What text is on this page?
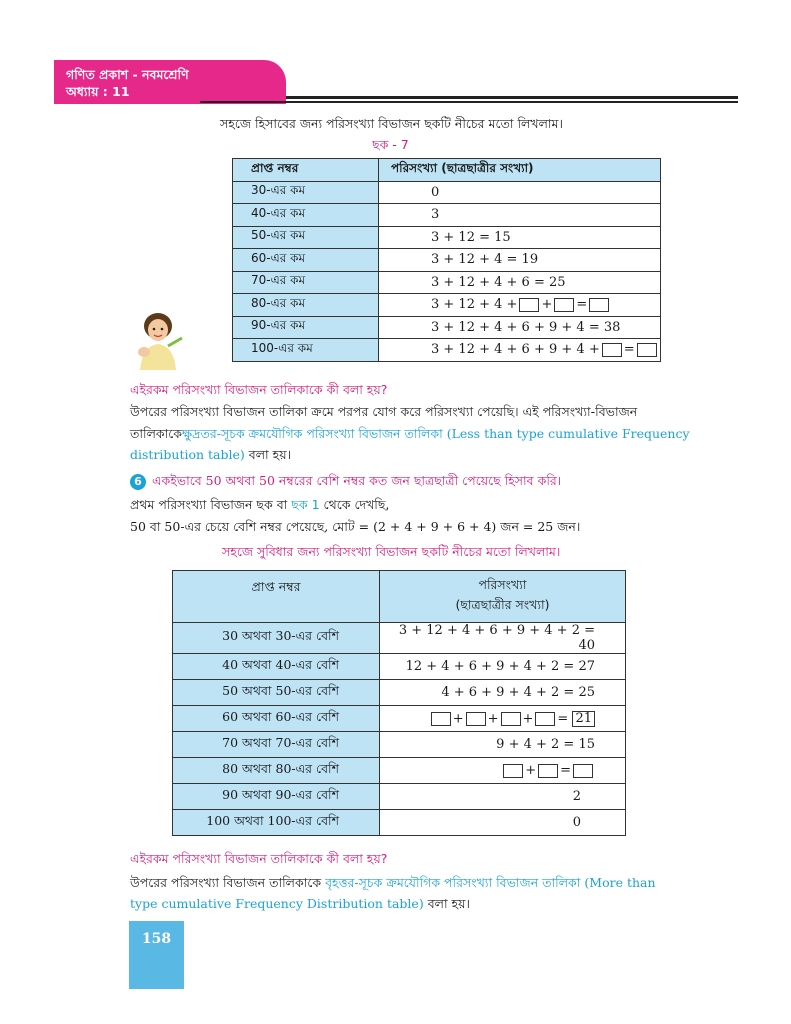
গণিত প্রকাশ - নবমশ্রেণি
অধ্যায় : 11
সহজে হিসাবের জন্য পরিসংখ্যা বিভাজন ছকটি নীচের মতো লিখলাম।
ছক - 7
প্রাপ্ত নম্বর	পরিসংখ্যা (ছাত্রছাত্রীর সংখ্যা)
30-এর কম	0
40-এর কম	3
50-এর কম	3 + 12 = 15
60-এর কম	3 + 12 + 4 = 19
70-এর কম	3 + 12 + 4 + 6 = 25
80-এর কম	3 + 12 + 4 + + =
90-এর কম	3 + 12 + 4 + 6 + 9 + 4 = 38
100-এর কম	3 + 12 + 4 + 6 + 9 + 4 + =
এইরকম পরিসংখ্যা বিভাজন তালিকাকে কী বলা হয়?
উপরের পরিসংখ্যা বিভাজন তালিকা ক্রমে পরপর যোগ করে পরিসংখ্যা পেয়েছি। এই পরিসংখ্যা-বিভাজন
তালিকাকেক্ষুদ্রতর-সূচক ক্রমযৌগিক পরিসংখ্যা বিভাজন তালিকা (Less than type cumulative Frequency
distribution table) বলা হয়।
6 একইভাবে 50 অথবা 50 নম্বরের বেশি নম্বর কত জন ছাত্রছাত্রী পেয়েছে হিসাব করি।
প্রথম পরিসংখ্যা বিভাজন ছক বা ছক 1 থেকে দেখছি,
50 বা 50-এর চেয়ে বেশি নম্বর পেয়েছে, মোট = (2 + 4 + 9 + 6 + 4) জন = 25 জন।
সহজে সুবিধার জন্য পরিসংখ্যা বিভাজন ছকটি নীচের মতো লিখলাম।
প্রাপ্ত নম্বর	পরিসংখ্যা
(ছাত্রছাত্রীর সংখ্যা)

30 অথবা 30-এর বেশি	3 + 12 + 4 + 6 + 9 + 4 + 2 = 40
40 অথবা 40-এর বেশি	12 + 4 + 6 + 9 + 4 + 2 = 27
50 অথবা 50-এর বেশি	4 + 6 + 9 + 4 + 2 = 25
60 অথবা 60-এর বেশি	+ + + = 21
70 অথবা 70-এর বেশি	9 + 4 + 2 = 15
80 অথবা 80-এর বেশি	+ =
90 অথবা 90-এর বেশি	2
100 অথবা 100-এর বেশি	0
এইরকম পরিসংখ্যা বিভাজন তালিকাকে কী বলা হয়?
উপরের পরিসংখ্যা বিভাজন তালিকাকে বৃহত্তর-সূচক ক্রমযৌগিক পরিসংখ্যা বিভাজন তালিকা (More than
type cumulative Frequency Distribution table) বলা হয়।
158
